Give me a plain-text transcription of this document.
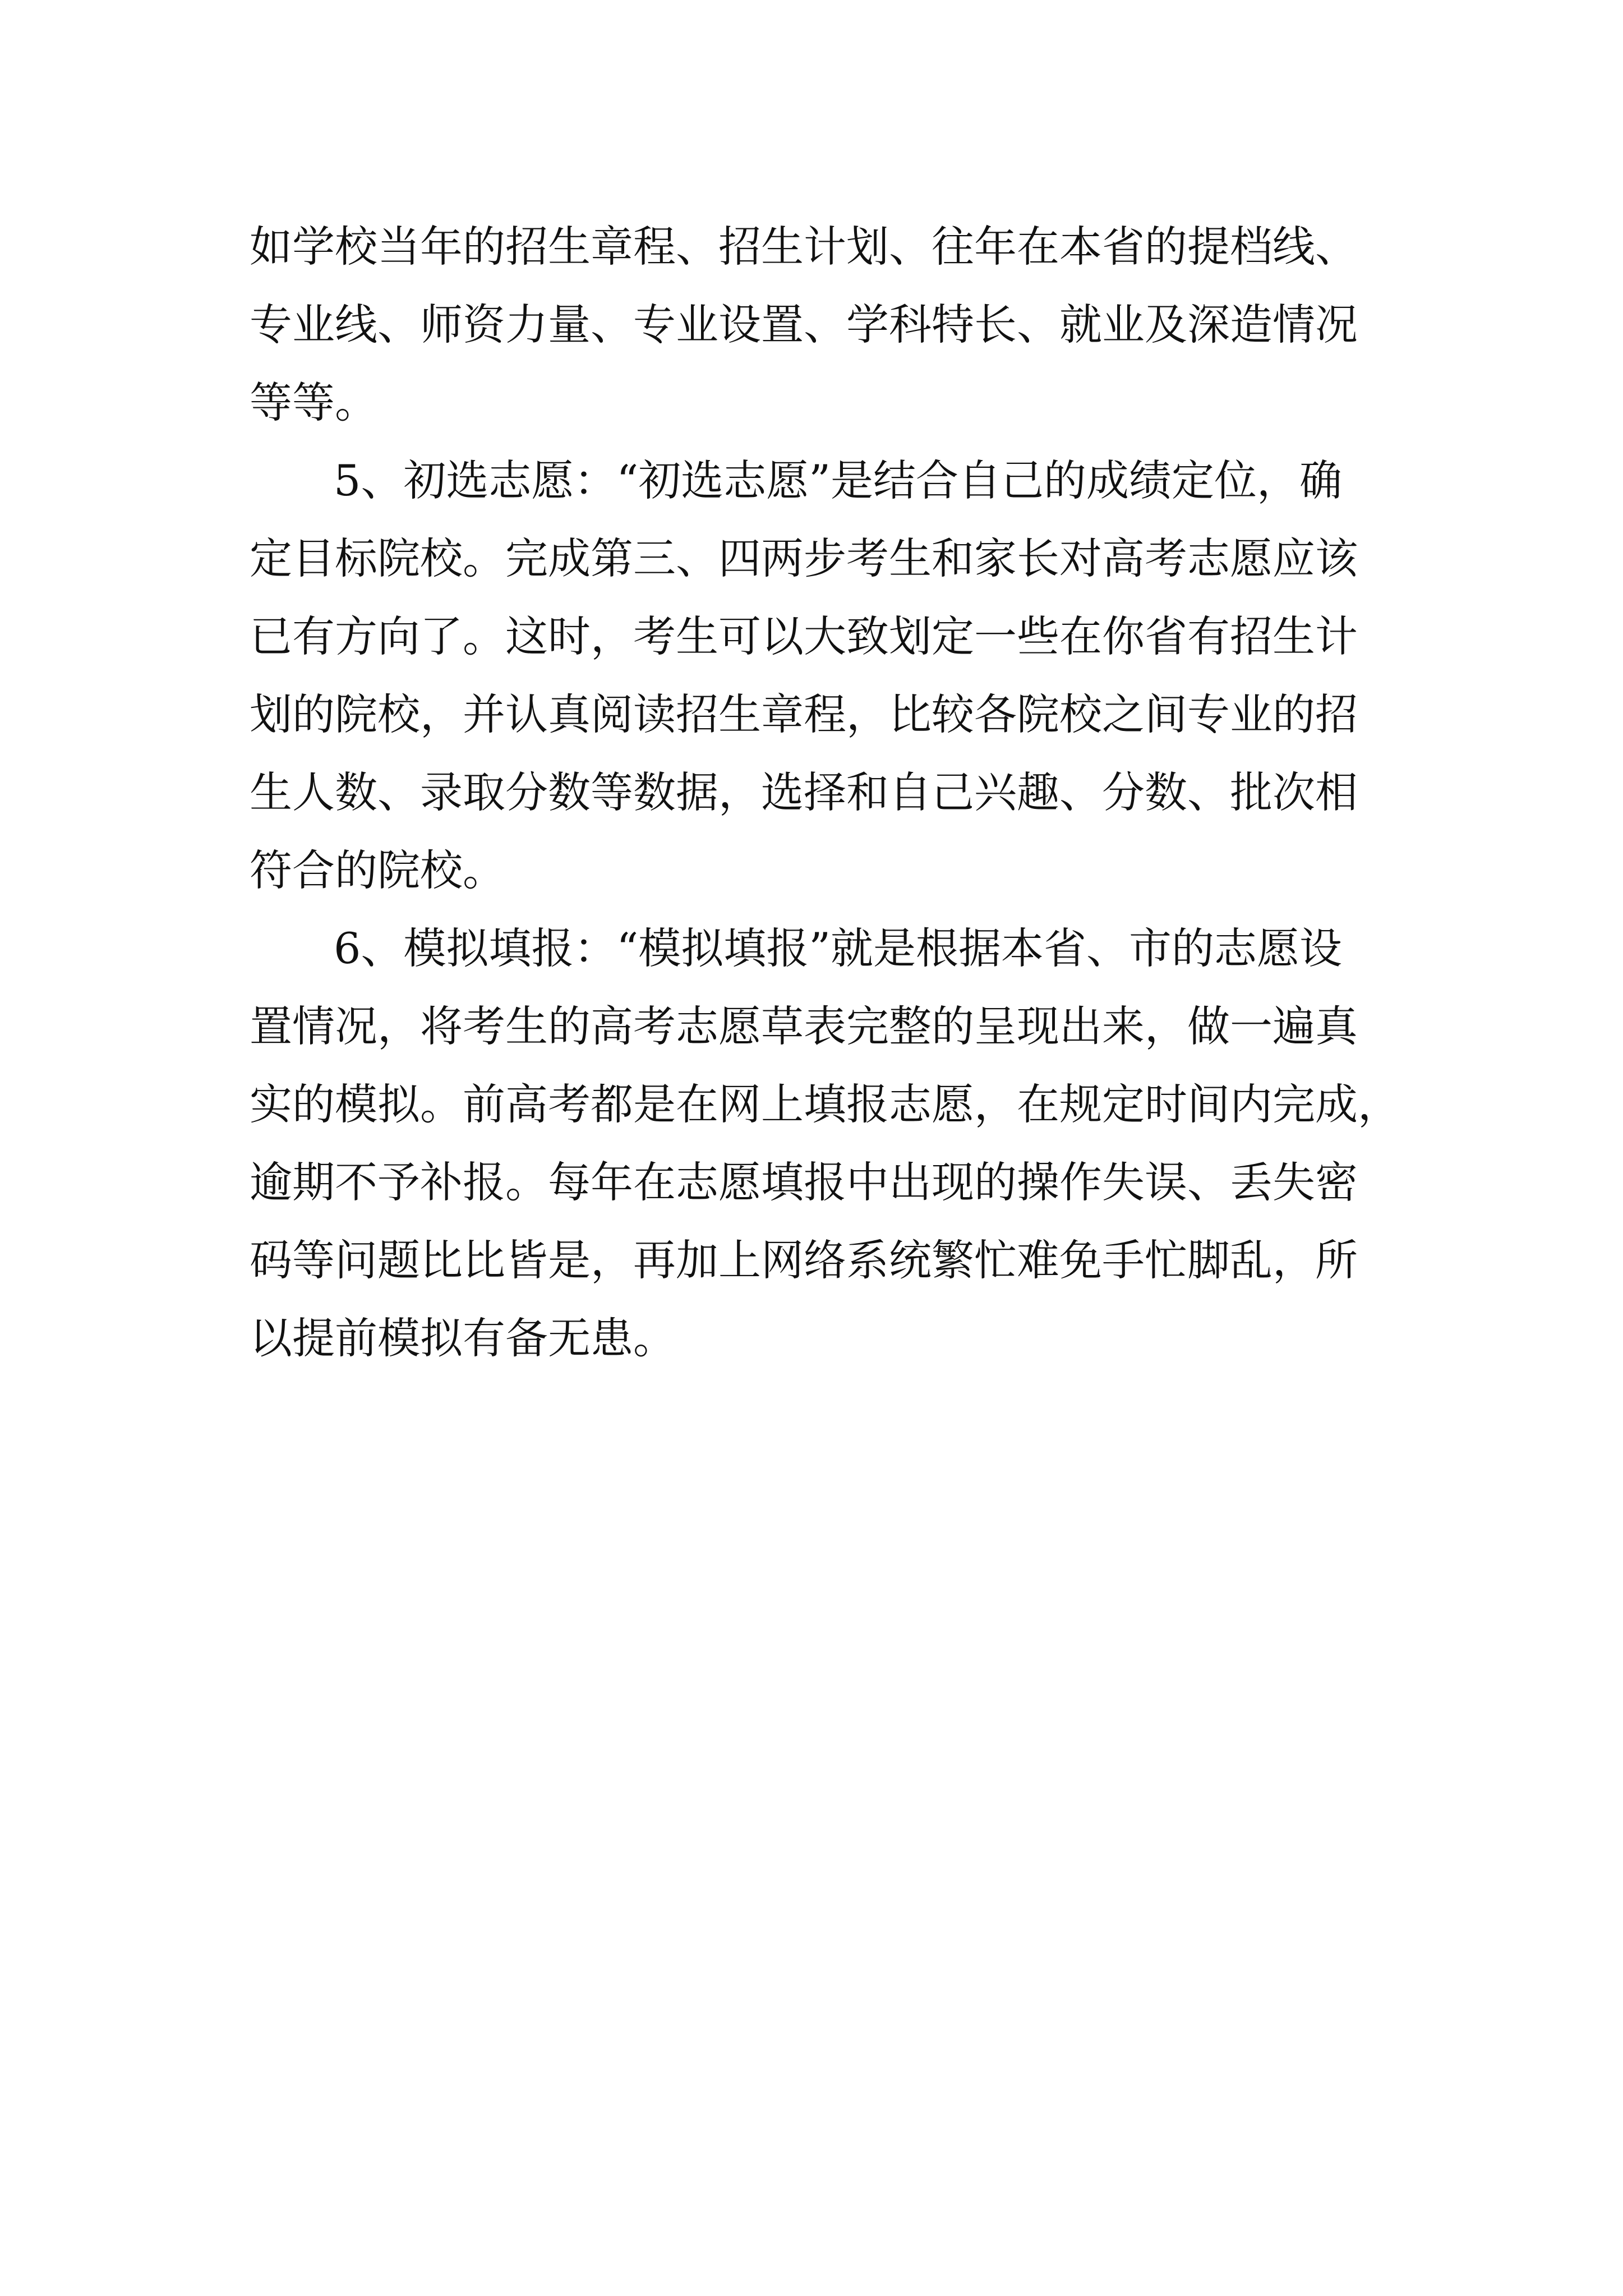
如学校当年的招生章程、招生计划、往年在本省的提档线、
专业线、师资力量、专业设置、学科特长、就业及深造情况
等等。
5、初选志愿：“初选志愿”是结合自己的成绩定位，确
定目标院校。完成第三、四两步考生和家长对高考志愿应该
已有方向了。这时，考生可以大致划定一些在你省有招生计
划的院校，并认真阅读招生章程，比较各院校之间专业的招
生人数、录取分数等数据，选择和自己兴趣、分数、批次相
符合的院校。
6、模拟填报：“模拟填报”就是根据本省、市的志愿设
置情况，将考生的高考志愿草表完整的呈现出来，做一遍真
实的模拟。前高考都是在网上填报志愿，在规定时间内完成，
逾期不予补报。每年在志愿填报中出现的操作失误、丢失密
码等问题比比皆是，再加上网络系统繁忙难免手忙脚乱，所
以提前模拟有备无患。
